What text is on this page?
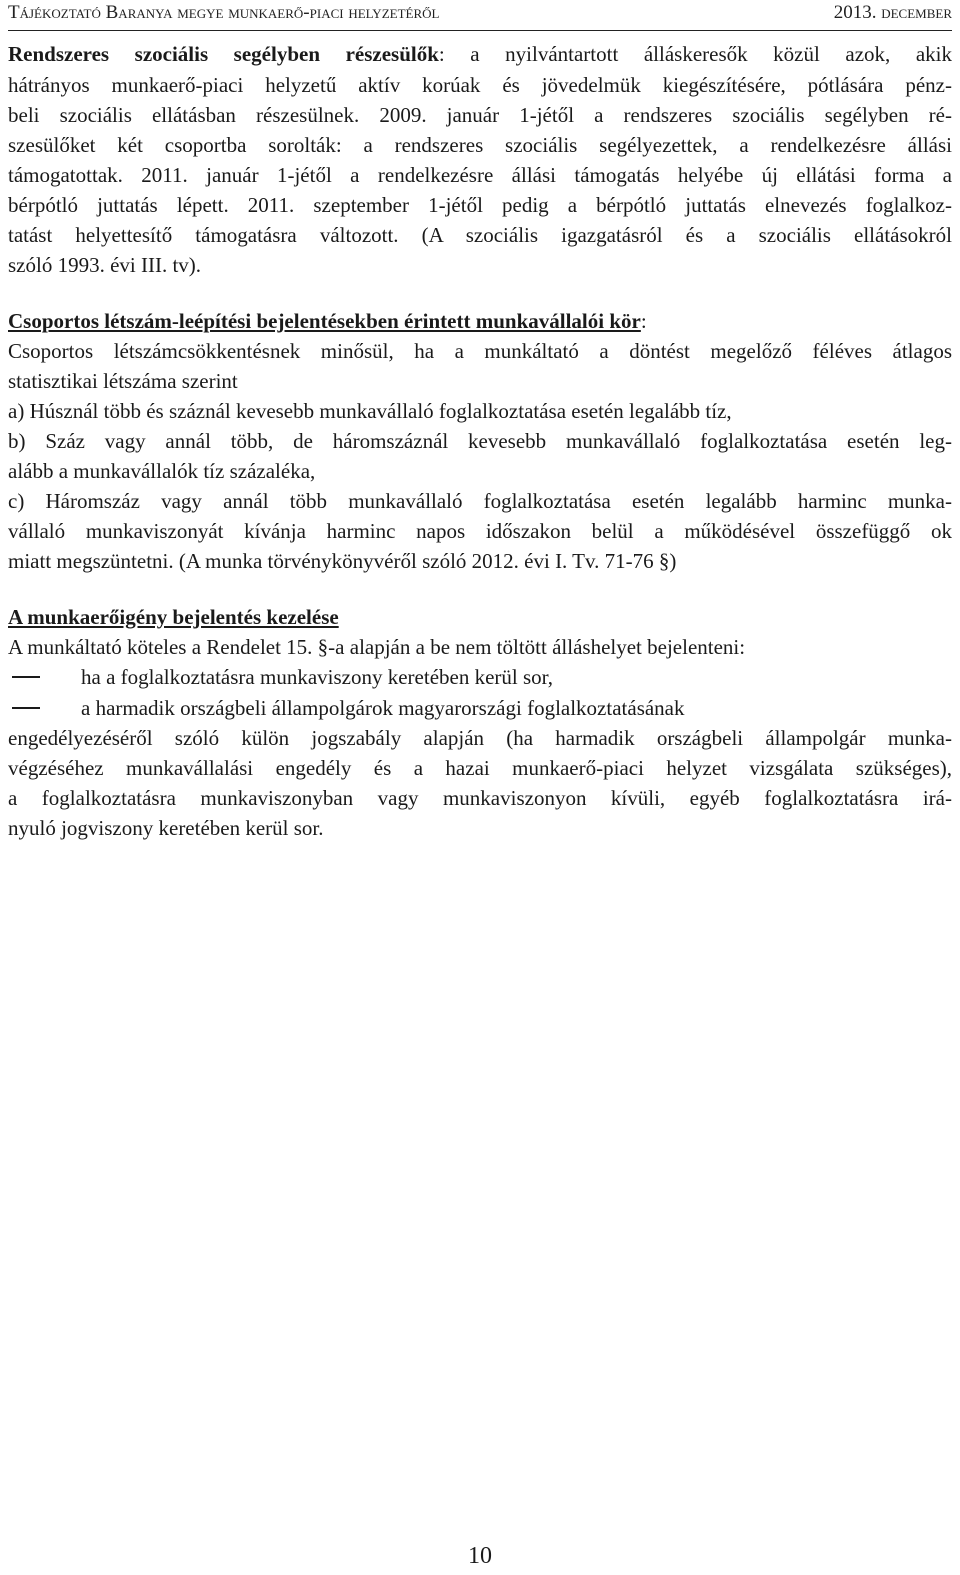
Tájékoztató Baranya megye munkaerő-piaci helyzetéről	2013. december
Rendszeres szociális segélyben részesülők: a nyilvántartott álláskeresők közül azok, akik
hátrányos munkaerő-piaci helyzetű aktív korúak és jövedelmük kiegészítésére, pótlására pénz-
beli szociális ellátásban részesülnek. 2009. január 1-jétől a rendszeres szociális segélyben ré-
szesülőket két csoportba sorolták: a rendszeres szociális segélyezettek, a rendelkezésre állási
támogatottak. 2011. január 1-jétől a rendelkezésre állási támogatás helyébe új ellátási forma a
bérpótló juttatás lépett. 2011. szeptember 1-jétől pedig a bérpótló juttatás elnevezés foglalkoz-
tatást helyettesítő támogatásra változott. (A szociális igazgatásról és a szociális ellátásokról
szóló 1993. évi III. tv).
Csoportos létszám-leépítési bejelentésekben érintett munkavállalói kör:
Csoportos létszámcsökkentésnek minősül, ha a munkáltató a döntést megelőző féléves átlagos
statisztikai létszáma szerint
a) Húsznál több és száznál kevesebb munkavállaló foglalkoztatása esetén legalább tíz,
b) Száz vagy annál több, de háromszáznál kevesebb munkavállaló foglalkoztatása esetén leg-
alább a munkavállalók tíz százaléka,
c) Háromszáz vagy annál több munkavállaló foglalkoztatása esetén legalább harminc munka-
vállaló munkaviszonyát kívánja harminc napos időszakon belül a működésével összefüggő ok
miatt megszüntetni. (A munka törvénykönyvéről szóló 2012. évi I. Tv. 71-76 §)
A munkaerőigény bejelentés kezelése
A munkáltató köteles a Rendelet 15. §-a alapján a be nem töltött álláshelyet bejelenteni:
ha a foglalkoztatásra munkaviszony keretében kerül sor,
a harmadik országbeli állampolgárok magyarországi foglalkoztatásának
engedélyezéséről szóló külön jogszabály alapján (ha harmadik országbeli állampolgár munka-
végzéséhez munkavállalási engedély és a hazai munkaerő-piaci helyzet vizsgálata szükséges),
a foglalkoztatásra munkaviszonyban vagy munkaviszonyon kívüli, egyéb foglalkoztatásra irá-
nyuló jogviszony keretében kerül sor.
10
